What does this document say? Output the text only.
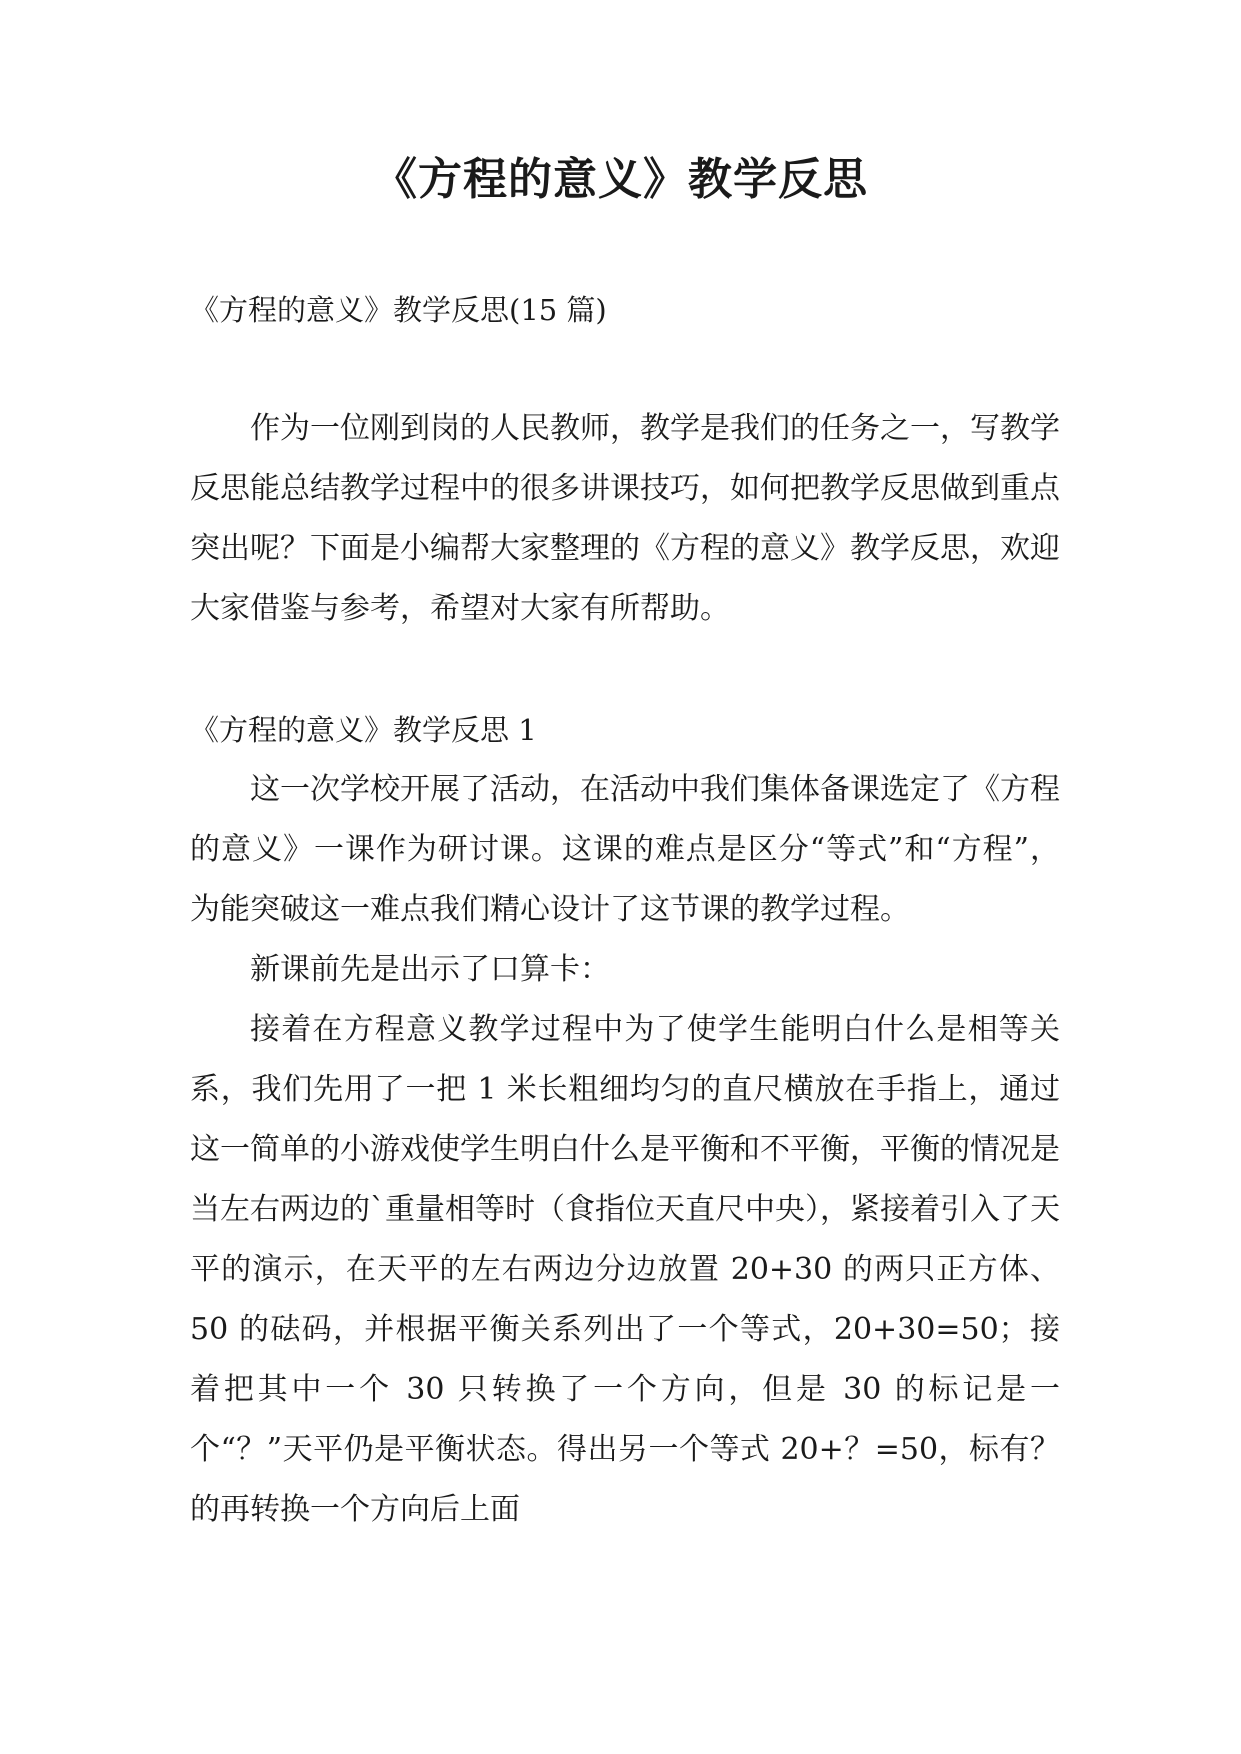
《方程的意义》教学反思
《方程的意义》教学反思(15 篇)

作为一位刚到岗的人民教师，教学是我们的任务之一，写教学反思能总结教学过程中的很多讲课技巧，如何把教学反思做到重点突出呢？下面是小编帮大家整理的《方程的意义》教学反思，欢迎大家借鉴与参考，希望对大家有所帮助。

《方程的意义》教学反思 1

这一次学校开展了活动，在活动中我们集体备课选定了《方程的意义》一课作为研讨课。这课的难点是区分“等式”和“方程”，为能突破这一难点我们精心设计了这节课的教学过程。

新课前先是出示了口算卡：

接着在方程意义教学过程中为了使学生能明白什么是相等关系，我们先用了一把 1 米长粗细均匀的直尺横放在手指上，通过这一简单的小游戏使学生明白什么是平衡和不平衡，平衡的情况是当左右两边的`重量相等时（食指位天直尺中央），紧接着引入了天平的演示，在天平的左右两边分边放置 20+30 的两只正方体、50 的砝码，并根据平衡关系列出了一个等式，20+30=50；接着把其中一个 30 只转换了一个方向，但是 30 的标记是一个“？”天平仍是平衡状态。得出另一个等式 20+？=50，标有？的再转换一个方向后上面
